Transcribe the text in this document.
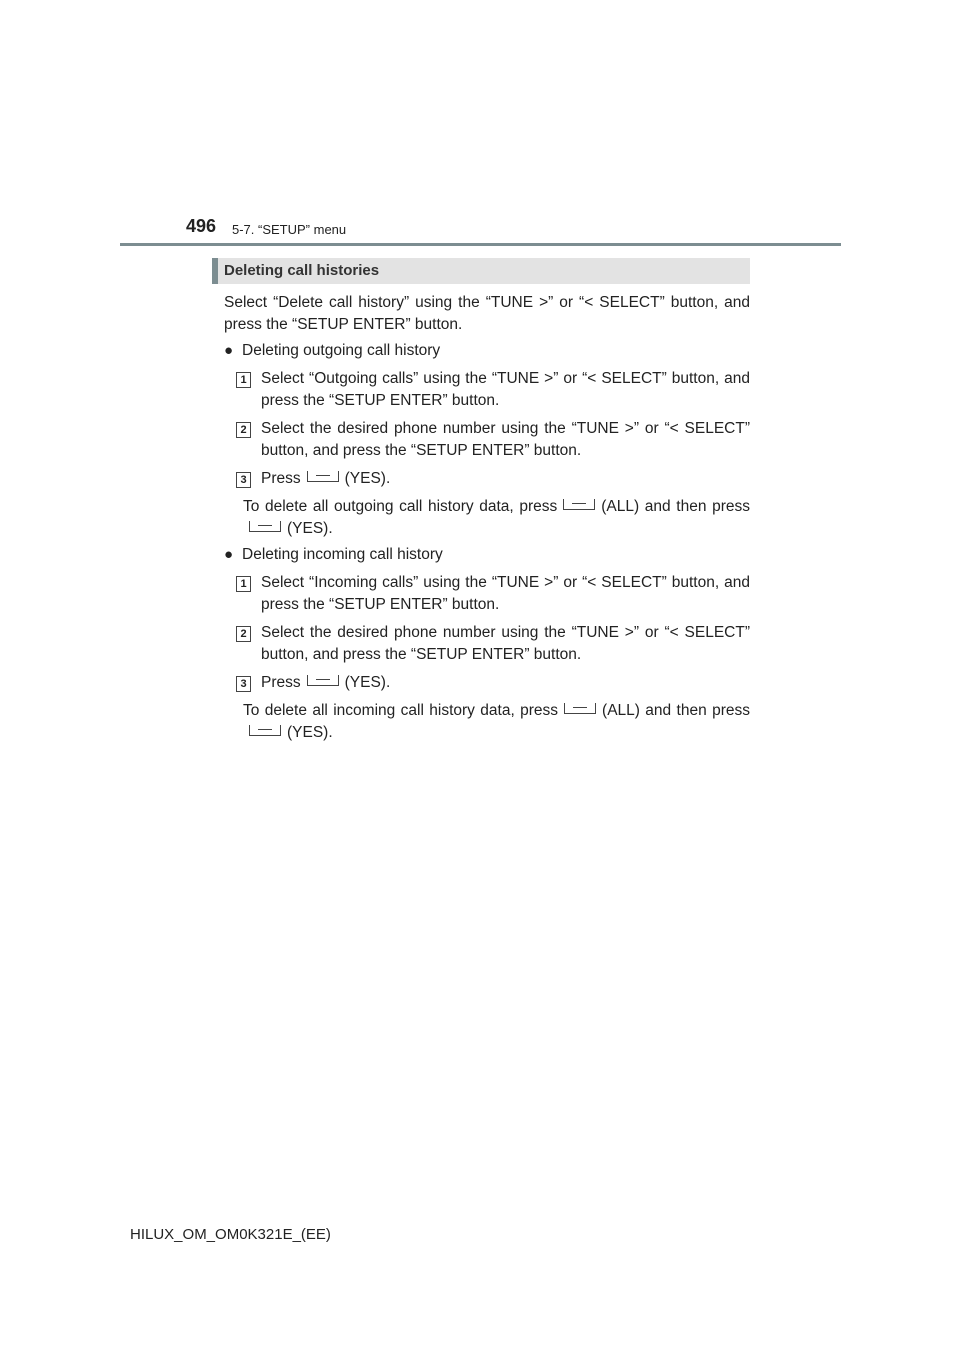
496 5-7. “SETUP” menu
Deleting call histories
Select “Delete call history” using the “TUNE >” or “< SELECT” button, and press the “SETUP ENTER” button.
● Deleting outgoing call history
1 Select “Outgoing calls” using the “TUNE >” or “< SELECT” button, and press the “SETUP ENTER” button.
2 Select the desired phone number using the “TUNE >” or “< SELECT” button, and press the “SETUP ENTER” button.
3 Press	(YES).
To delete all outgoing call history data, press	(ALL) and then press(YES).
● Deleting incoming call history
1 Select “Incoming calls” using the “TUNE >” or “< SELECT” button, and press the “SETUP ENTER” button.
2 Select the desired phone number using the “TUNE >” or “< SELECT” button, and press the “SETUP ENTER” button.
3 Press	(YES).
To delete all incoming call history data, press	(ALL) and then press(YES).
HILUX_OM_OM0K321E_(EE)
